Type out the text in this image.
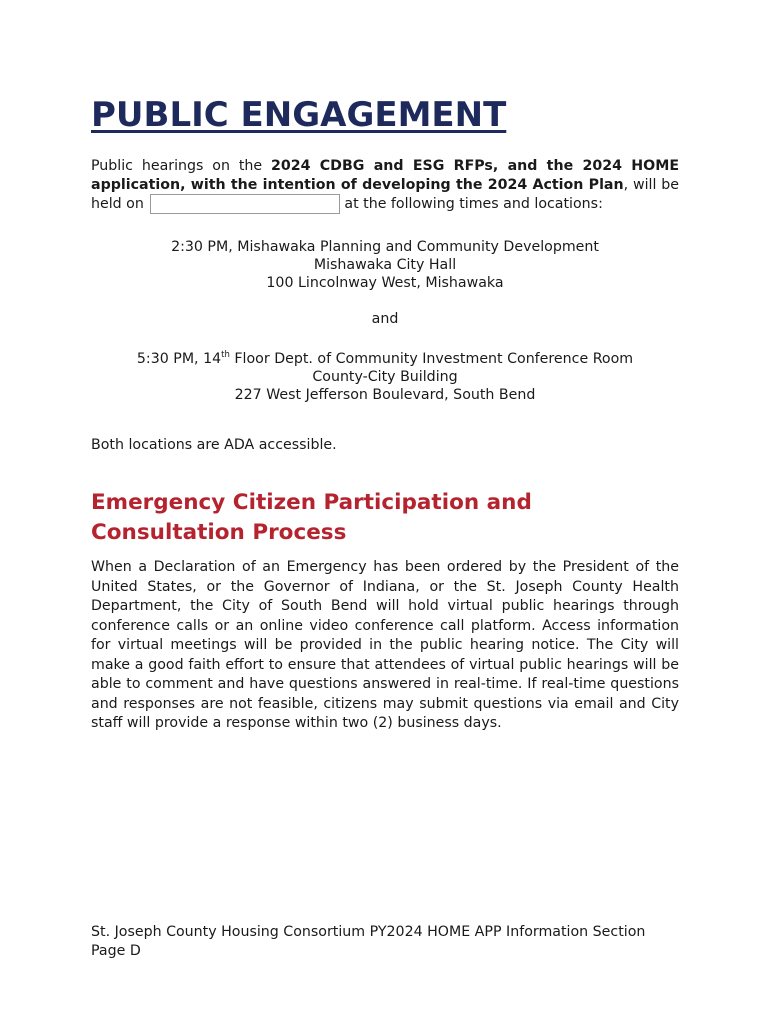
PUBLIC ENGAGEMENT
Public hearings on the 2024 CDBG and ESG RFPs, and the 2024 HOME application, with the intention of developing the 2024 Action Plan, will be held on	at the following times and locations:
2:30 PM, Mishawaka Planning and Community Development
Mishawaka City Hall
100 Lincolnway West, Mishawaka
and
5:30 PM, 14th Floor Dept. of Community Investment Conference Room
County-City Building
227 West Jefferson Boulevard, South Bend
Both locations are ADA accessible.
Emergency Citizen Participation and Consultation Process
When a Declaration of an Emergency has been ordered by the President of the United States, or the Governor of Indiana, or the St. Joseph County Health Department, the City of South Bend will hold virtual public hearings through conference calls or an online video conference call platform. Access information for virtual meetings will be provided in the public hearing notice. The City will make a good faith effort to ensure that attendees of virtual public hearings will be able to comment and have questions answered in real-time. If real-time questions and responses are not feasible, citizens may submit questions via email and City staff will provide a response within two (2) business days.
St. Joseph County Housing Consortium PY2024 HOME APP Information Section
Page D
